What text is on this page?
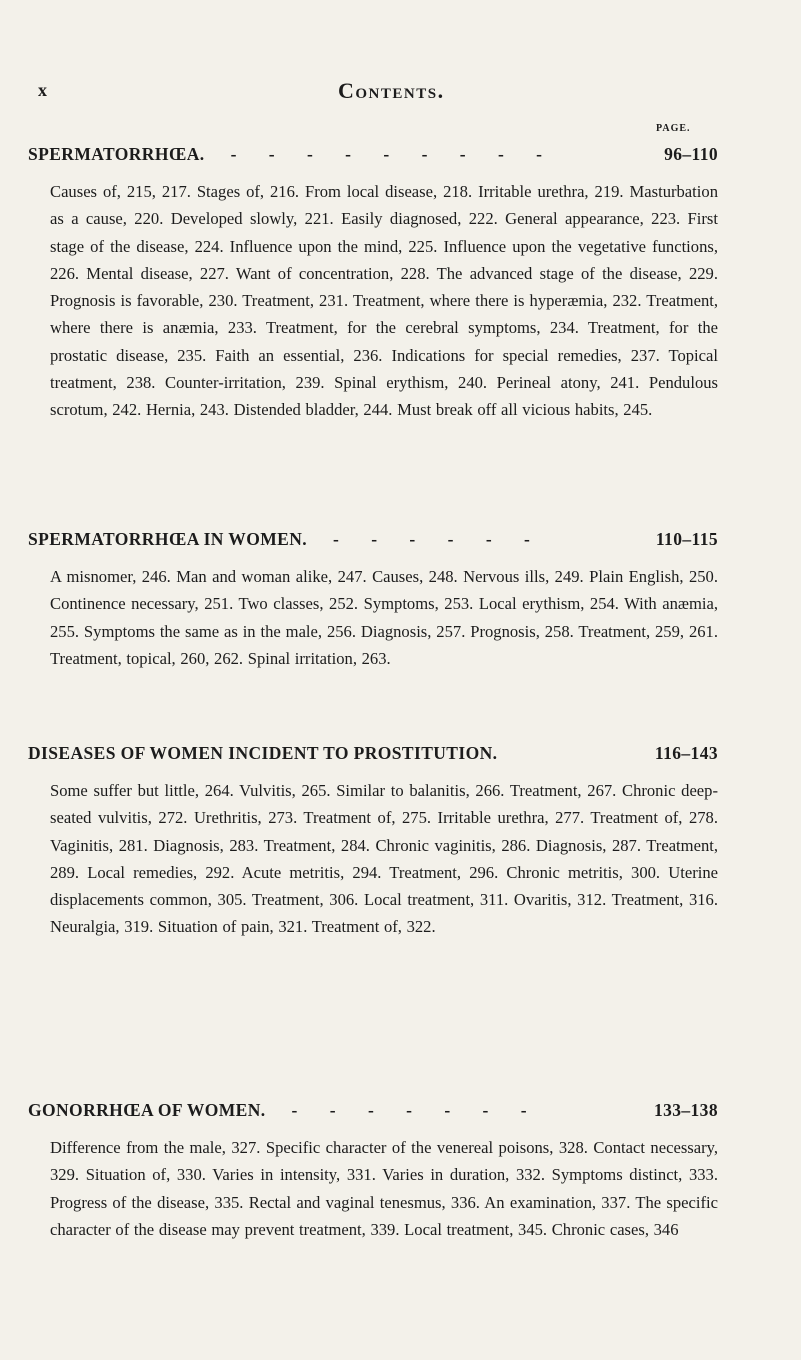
x	Contents.
PAGE.
SPERMATORRHŒA. - - - - - - - - -	96–110
Causes of, 215, 217. Stages of, 216. From local disease, 218. Irritable urethra, 219. Masturbation as a cause, 220. Developed slowly, 221. Easily diagnosed, 222. General appearance, 223. First stage of the disease, 224. Influence upon the mind, 225. Influence upon the vegetative functions, 226. Mental disease, 227. Want of concentration, 228. The advanced stage of the disease, 229. Prognosis is favorable, 230. Treatment, 231. Treatment, where there is hyperæmia, 232. Treatment, where there is anæmia, 233. Treatment, for the cerebral symptoms, 234. Treatment, for the prostatic disease, 235. Faith an essential, 236. Indications for special remedies, 237. Topical treatment, 238. Counter-irritation, 239. Spinal erythism, 240. Perineal atony, 241. Pendulous scrotum, 242. Hernia, 243. Distended bladder, 244. Must break off all vicious habits, 245.
SPERMATORRHŒA IN WOMEN. - - - - - -	110–115
A misnomer, 246. Man and woman alike, 247. Causes, 248. Nervous ills, 249. Plain English, 250. Continence necessary, 251. Two classes, 252. Symptoms, 253. Local erythism, 254. With anæmia, 255. Symptoms the same as in the male, 256. Diagnosis, 257. Prognosis, 258. Treatment, 259, 261. Treatment, topical, 260, 262. Spinal irritation, 263.
DISEASES OF WOMEN INCIDENT TO PROSTITUTION.	116–143
Some suffer but little, 264. Vulvitis, 265. Similar to balanitis, 266. Treatment, 267. Chronic deep-seated vulvitis, 272. Urethritis, 273. Treatment of, 275. Irritable urethra, 277. Treatment of, 278. Vaginitis, 281. Diagnosis, 283. Treatment, 284. Chronic vaginitis, 286. Diagnosis, 287. Treatment, 289. Local remedies, 292. Acute metritis, 294. Treatment, 296. Chronic metritis, 300. Uterine displacements common, 305. Treatment, 306. Local treatment, 311. Ovaritis, 312. Treatment, 316. Neuralgia, 319. Situation of pain, 321. Treatment of, 322.
GONORRHŒA OF WOMEN. - - - - - - -	133–138
Difference from the male, 327. Specific character of the venereal poisons, 328. Contact necessary, 329. Situation of, 330. Varies in intensity, 331. Varies in duration, 332. Symptoms distinct, 333. Progress of the disease, 335. Rectal and vaginal tenesmus, 336. An examination, 337. The specific character of the disease may prevent treatment, 339. Local treatment, 345. Chronic cases, 346
